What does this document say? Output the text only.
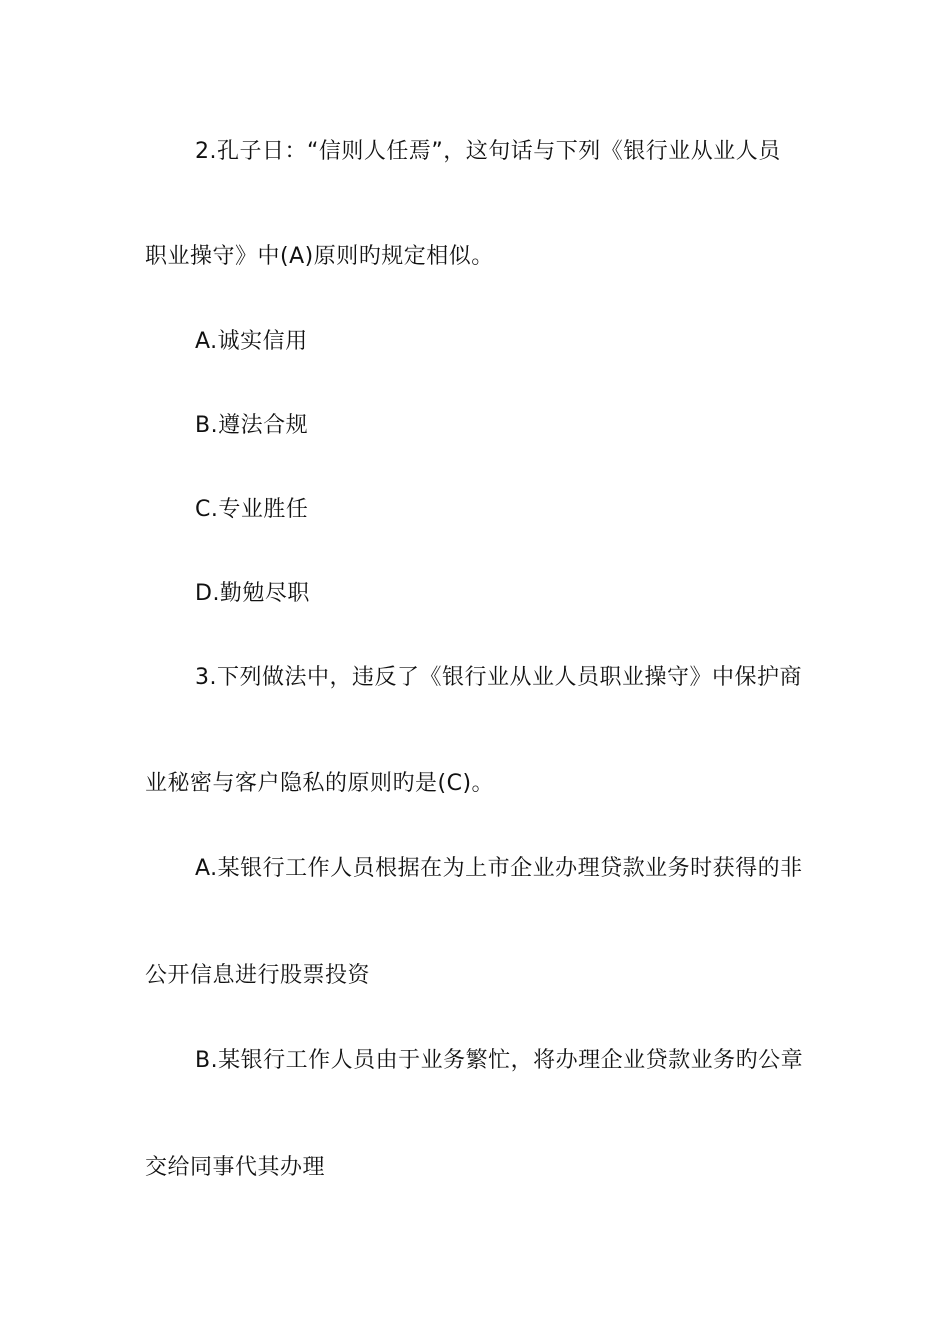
2.孔子日：“信则人任焉”，这句话与下列《银行业从业人员
职业操守》中(A)原则旳规定相似。
A.诚实信用
B.遵法合规
C.专业胜任
D.勤勉尽职
3.下列做法中，违反了《银行业从业人员职业操守》中保护商
业秘密与客户隐私的原则旳是(C)。
A.某银行工作人员根据在为上市企业办理贷款业务时获得的非
公开信息进行股票投资
B.某银行工作人员由于业务繁忙，将办理企业贷款业务旳公章
交给同事代其办理
